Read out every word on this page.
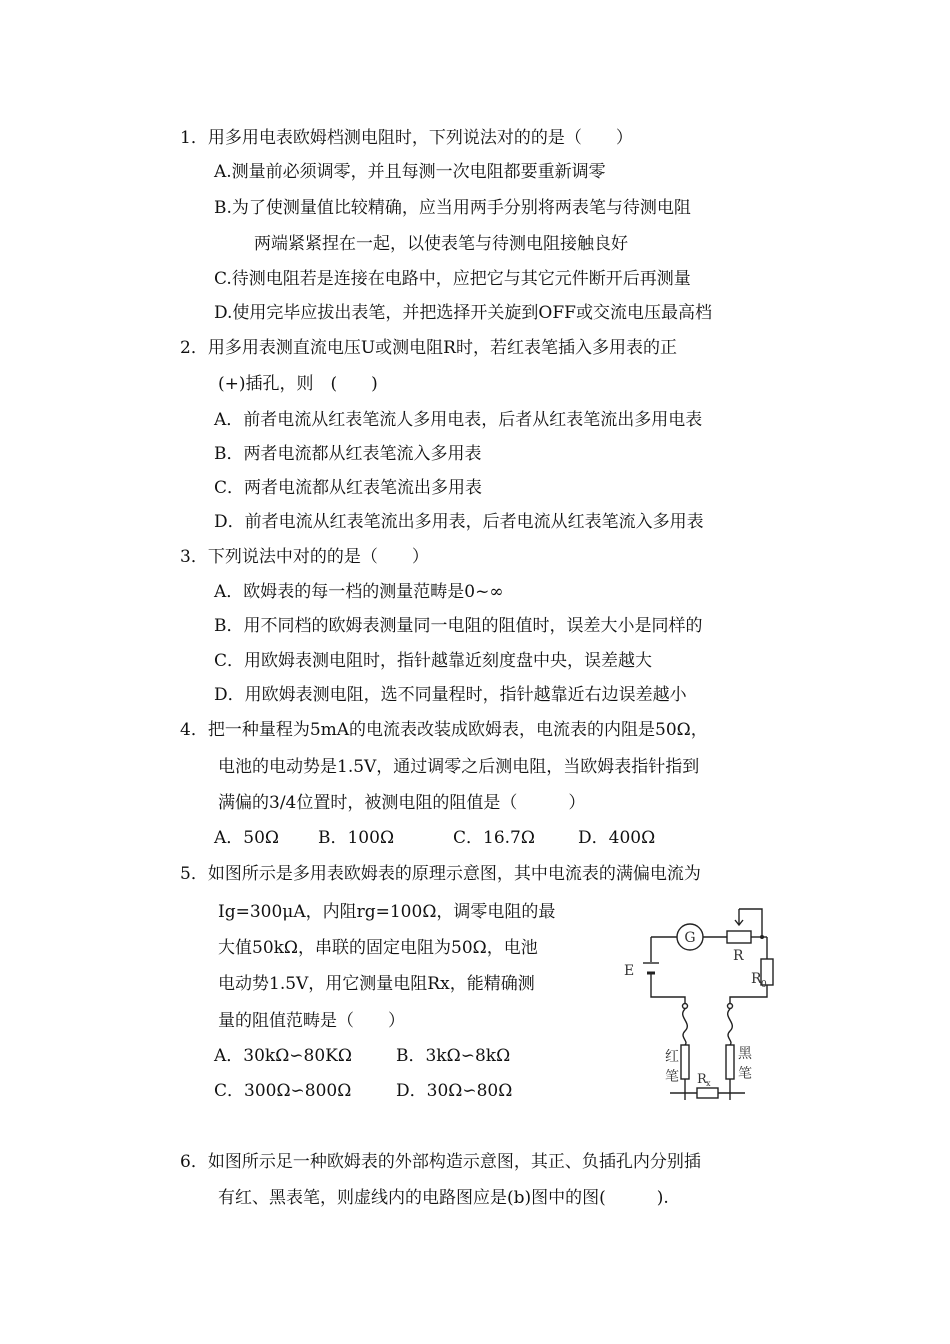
1．用多用电表欧姆档测电阻时，下列说法对的的是（　　）
A.测量前必须调零，并且每测一次电阻都要重新调零
B.为了使测量值比较精确，应当用两手分别将两表笔与待测电阻
两端紧紧捏在一起，以使表笔与待测电阻接触良好
C.待测电阻若是连接在电路中，应把它与其它元件断开后再测量
D.使用完毕应拔出表笔，并把选择开关旋到OFF或交流电压最高档
2．用多用表测直流电压U或测电阻R时，若红表笔插入多用表的正
(+)插孔，则　(　　)
A．前者电流从红表笔流人多用电表，后者从红表笔流出多用电表
B．两者电流都从红表笔流入多用表
C．两者电流都从红表笔流出多用表
D．前者电流从红表笔流出多用表，后者电流从红表笔流入多用表
3．下列说法中对的的是（　　）
A．欧姆表的每一档的测量范畴是0~∞
B．用不同档的欧姆表测量同一电阻的阻值时，误差大小是同样的
C．用欧姆表测电阻时，指针越靠近刻度盘中央，误差越大
D．用欧姆表测电阻，选不同量程时，指针越靠近右边误差越小
4．把一种量程为5mA的电流表改装成欧姆表，电流表的内阻是50Ω，
电池的电动势是1.5V，通过调零之后测电阻，当欧姆表指针指到
满偏的3/4位置时，被测电阻的阻值是（　　　）
A．50Ω B．100Ω	C．16.7Ω	D．400Ω
5．如图所示是多用表欧姆表的原理示意图，其中电流表的满偏电流为
Ig=300μA，内阻rg=100Ω，调零电阻的最
大值50kΩ，串联的固定电阻为50Ω，电池
电动势1.5V，用它测量电阻Rx，能精确测
量的阻值范畴是（　　）
A．30kΩ∽80KΩ	B．3kΩ∽8kΩ
C．300Ω∽800Ω	D．30Ω∽80Ω
6．如图所示足一种欧姆表的外部构造示意图，其正、负插孔内分别插
有红、黑表笔，则虚线内的电路图应是(b)图中的图(　　　).
G
R
E	R 0
红
笔
黑
笔
R x
